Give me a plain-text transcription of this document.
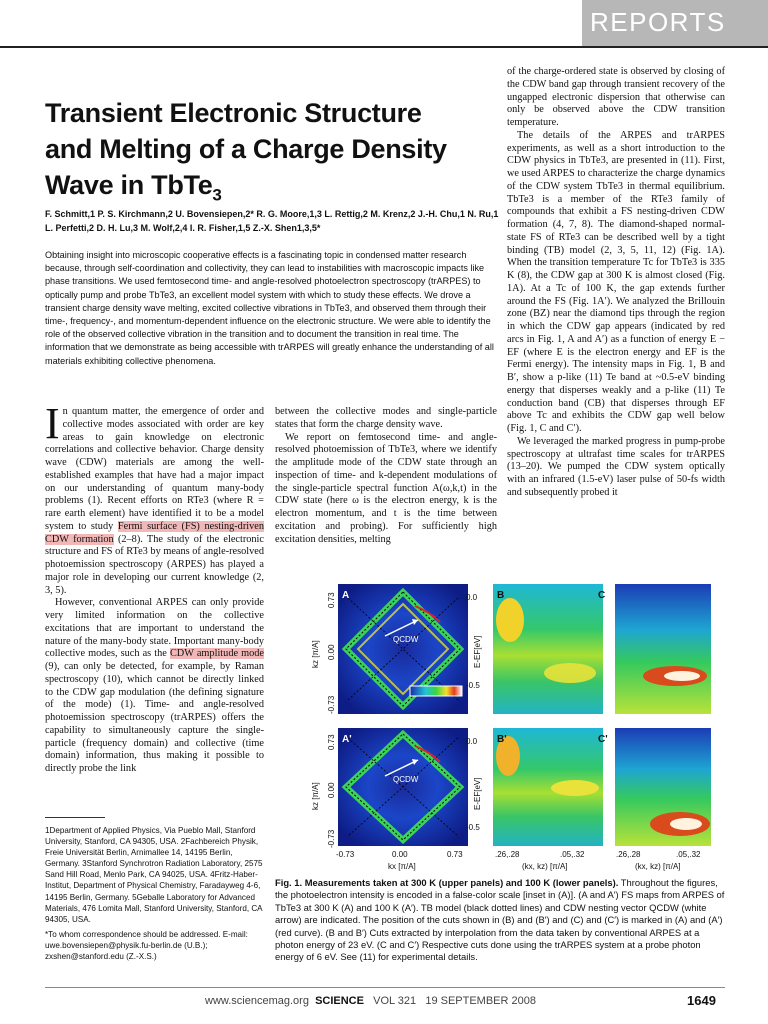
REPORTS
Transient Electronic Structure and Melting of a Charge Density Wave in TbTe$_3$
F. Schmitt,1 P. S. Kirchmann,2 U. Bovensiepen,2* R. G. Moore,1,3 L. Rettig,2 M. Krenz,2 J.-H. Chu,1 N. Ru,1 L. Perfetti,2 D. H. Lu,3 M. Wolf,2,4 I. R. Fisher,1,5 Z.-X. Shen1,3,5*
Obtaining insight into microscopic cooperative effects is a fascinating topic in condensed matter research because, through self-coordination and collectivity, they can lead to instabilities with macroscopic impacts like phase transitions. We used femtosecond time- and angle-resolved photoelectron spectroscopy (trARPES) to optically pump and probe TbTe3, an excellent model system with which to study these effects. We drove a transient charge density wave melting, excited collective vibrations in TbTe3, and observed them through their time-, frequency-, and momentum-dependent influence on the electronic structure. We were able to identify the role of the observed collective vibration in the transition and to document the transition in real time. The information that we demonstrate as being accessible with trARPES will greatly enhance the understanding of all materials exhibiting collective phenomena.

In quantum matter, the emergence of order and collective modes associated with order are key areas to gain knowledge on electronic correlations and collective behavior. Charge density wave (CDW) materials are among the well-established examples that have had a major impact on our understanding of quantum many-body problems (1). Recent efforts on RTe3 (where R = rare earth element) have identified it to be a model system to study Fermi surface (FS) nesting-driven CDW formation (2–8). The study of the electronic structure and FS of RTe3 by means of angle-resolved photoemission spectroscopy (ARPES) has played a major role in developing our current knowledge (2, 3, 5).

However, conventional ARPES can only provide very limited information on the collective excitations that are important to understand the nature of the many-body state. Important many-body collective modes, such as the CDW amplitude mode (9), can only be detected, for example, by Raman spectroscopy (10), which cannot be directly linked to the CDW gap modulation (the defining signature of the mode) (1). Time- and angle-resolved photoemission spectroscopy (trARPES) offers the capability to simultaneously capture the single-particle (frequency domain) and collective (time domain) information, thus making it possible to directly probe the link

between the collective modes and single-particle states that form the charge density wave.

We report on femtosecond time- and angle-resolved photoemission of TbTe3, where we identify the amplitude mode of the CDW state through an inspection of time- and k-dependent modulations of the single-particle spectral function A(ω,k,t) in the CDW state (here ω is the electron energy, k is the electron momentum, and t is the time between excitation and probing). For sufficiently high excitation densities, melting

of the charge-ordered state is observed by closing of the CDW band gap through transient recovery of the ungapped electronic dispersion that otherwise can only be observed above the CDW transition temperature.

The details of the ARPES and trARPES experiments, as well as a short introduction to the CDW physics in TbTe3, are presented in (11). First, we used ARPES to characterize the charge dynamics of the CDW system TbTe3 in thermal equilibrium. TbTe3 is a member of the RTe3 family of compounds that exhibit a FS nesting-driven CDW formation (4, 7, 8). The diamond-shaped normal-state FS of RTe3 can be described well by a tight binding (TB) model (2, 3, 5, 11, 12) (Fig. 1A). When the transition temperature Tc for TbTe3 is 335 K (8), the CDW gap at 300 K is almost closed (Fig. 1A). At a Tc of 100 K, the gap extends further around the FS (Fig. 1A′). We analyzed the Brillouin zone (BZ) near the diamond tips through the region in which the CDW gap appears (indicated by red arcs in Fig. 1, A and A′) as a function of energy E − EF (where E is the electron energy and EF is the Fermi energy). The intensity maps in Fig. 1, B and B′, show a p-like (11) Te band at ~0.5-eV binding energy that disperses weakly and a p-like (11) Te conduction band (CB) that disperses through EF above Tc and exhibits the CDW gap well below (Fig. 1, C and C′).

We leveraged the marked progress in pump-probe spectroscopy at ultrafast time scales for trARPES (13–20). We pumped the CDW system optically with an infrared (1.5-eV) laser pulse of 50-fs width and subsequently probed it

1Department of Applied Physics, Via Pueblo Mall, Stanford University, Stanford, CA 94305, USA. 2Fachbereich Physik, Freie Universität Berlin, Arnimallee 14, 14195 Berlin, Germany. 3Stanford Synchrotron Radiation Laboratory, 2575 Sand Hill Road, Menlo Park, CA 94025, USA. 4Fritz-Haber-Institut, Department of Physical Chemistry, Faradayweg 4-6, 14195 Berlin, Germany. 5Geballe Laboratory for Advanced Materials, 476 Lomita Mall, Stanford University, Stanford, CA 94305, USA.

*To whom correspondence should be addressed. E-mail: uwe.bovensiepen@physik.fu-berlin.de (U.B.); zxshen@stanford.edu (Z.-X.S.)

A
A'
B
B'
C
C'
QCDW
QCDW
0.73
0.00
-0.73
kz [π/A]
0.73
0.00
-0.73
kz [π/A]
0.0
-0.5
E-EF[eV]
0.0
-0.5
E-EF[eV]
-0.73	0.00	0.73
kx [π/A]
.26,.28	.05,.32
(kx, kz) [π/A]
.26,.28	.05,.32
(kx, kz) [π/A]
Fig. 1. Measurements taken at 300 K (upper panels) and 100 K (lower panels). Throughout the figures, the photoelectron intensity is encoded in a false-color scale [inset in (A)]. (A and A′) FS maps from ARPES of TbTe3 at 300 K (A) and 100 K (A′). TB model (black dotted lines) and CDW nesting vector QCDW (white arrow) are indicated. The position of the cuts shown in (B) and (B′) and (C) and (C′) is marked in (A) and (A′) (red curve). (B and B′) Cuts extracted by interpolation from the data taken by conventional ARPES at a photon energy of 23 eV. (C and C′) Respective cuts done using the trARPES system at a probe photon energy of 6 eV. See (11) for experimental details.
www.sciencemag.org SCIENCE VOL 321 19 SEPTEMBER 2008	1649
